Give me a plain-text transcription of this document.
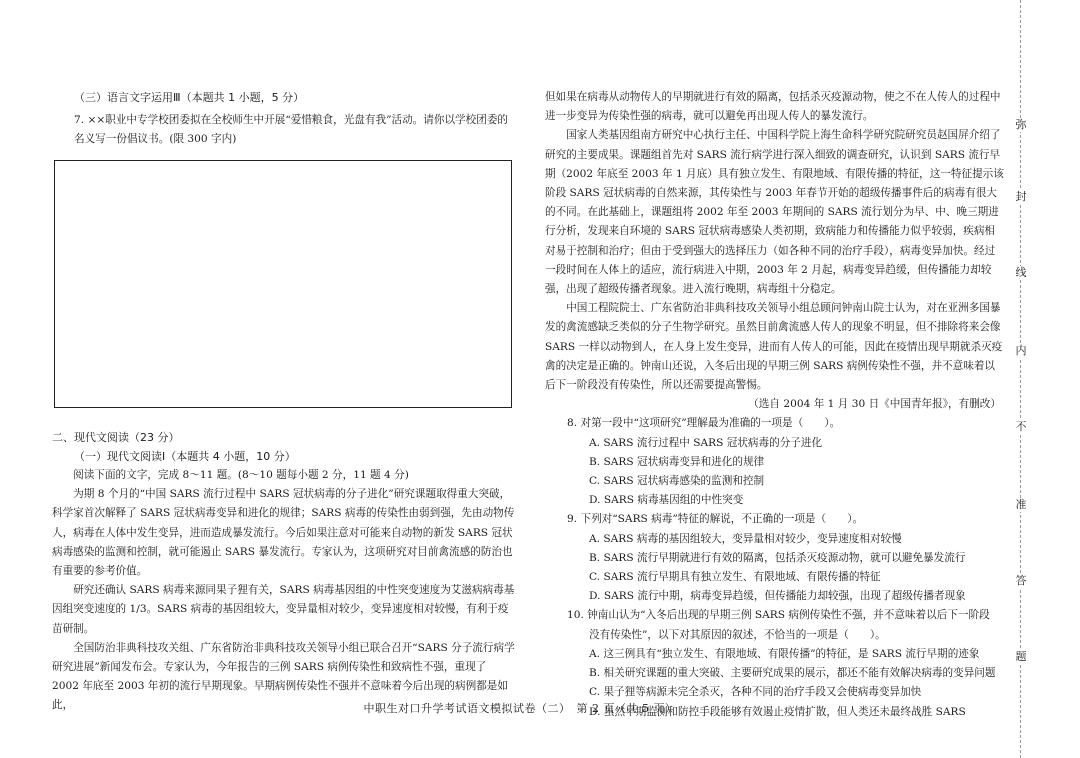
（三）语言文字运用Ⅲ（本题共 1 小题，5 分）

7. ××职业中专学校团委拟在全校师生中开展“爱惜粮食，光盘有我”活动。请你以学校团委的名义写一份倡议书。(限 300 字内)

二、现代文阅读（23 分）

（一）现代文阅读Ⅰ（本题共 4 小题，10 分）

阅读下面的文字，完成 8～11 题。(8～10 题每小题 2 分，11 题 4 分)

为期 8 个月的“中国 SARS 流行过程中 SARS 冠状病毒的分子进化”研究课题取得重大突破，科学家首次解释了 SARS 冠状病毒变异和进化的规律；SARS 病毒的传染性由弱到强，先由动物传人，病毒在人体中发生变异，进而造成暴发流行。今后如果注意对可能来自动物的新发 SARS 冠状病毒感染的监测和控制，就可能遏止 SARS 暴发流行。专家认为，这项研究对目前禽流感的防治也有重要的参考价值。

研究还确认 SARS 病毒来源同果子狸有关，SARS 病毒基因组的中性突变速度为艾滋病病毒基因组突变速度的 1/3。SARS 病毒的基因组较大，变异量相对较少，变异速度相对较慢，有利于疫苗研制。

全国防治非典科技攻关组、广东省防治非典科技攻关领导小组已联合召开“SARS 分子流行病学研究进展”新闻发布会。专家认为，今年报告的三例 SARS 病例传染性和致病性不强，重现了 2002 年底至 2003 年初的流行早期现象。早期病例传染性不强并不意味着今后出现的病例都是如此，

但如果在病毒从动物传人的早期就进行有效的隔离，包括杀灭疫源动物，使之不在人传人的过程中进一步变异为传染性强的病毒，就可以避免再出现人传人的暴发流行。

国家人类基因组南方研究中心执行主任、中国科学院上海生命科学研究院研究员赵国屏介绍了研究的主要成果。课题组首先对 SARS 流行病学进行深入细致的调查研究，认识到 SARS 流行早期（2002 年底至 2003 年 1 月底）具有独立发生、有限地域、有限传播的特征，这一特征提示该阶段 SARS 冠状病毒的自然来源，其传染性与 2003 年春节开始的超级传播事件后的病毒有很大的不同。在此基础上，课题组将 2002 年至 2003 年期间的 SARS 流行划分为早、中、晚三期进行分析，发现来自环境的 SARS 冠状病毒感染人类初期，致病能力和传播能力似乎较弱，疾病相对易于控制和治疗；但由于受到强大的选择压力（如各种不同的治疗手段），病毒变异加快。经过一段时间在人体上的适应，流行病进入中期，2003 年 2 月起，病毒变异趋缓，但传播能力却较强，出现了超级传播者现象。进入流行晚期，病毒组十分稳定。

中国工程院院士、广东省防治非典科技攻关领导小组总顾问钟南山院士认为，对在亚洲多国暴发的禽流感缺乏类似的分子生物学研究。虽然目前禽流感人传人的现象不明显，但不排除将来会像 SARS 一样以动物到人，在人身上发生变异，进而有人传人的可能，因此在疫情出现早期就杀灭疫禽的决定是正确的。钟南山还说，入冬后出现的早期三例 SARS 病例传染性不强，并不意味着以后下一阶段没有传染性，所以还需要提高警惕。

（选自 2004 年 1 月 30 日《中国青年报》，有删改）

8. 对第一段中“这项研究”理解最为准确的一项是（　　）。

A. SARS 流行过程中 SARS 冠状病毒的分子进化

B. SARS 冠状病毒变异和进化的规律

C. SARS 冠状病毒感染的监测和控制

D. SARS 病毒基因组的中性突变

9. 下列对“SARS 病毒”特征的解说，不正确的一项是（　　）。

A. SARS 病毒的基因组较大，变异量相对较少，变异速度相对较慢

B. SARS 流行早期就进行有效的隔离，包括杀灭疫源动物，就可以避免暴发流行

C. SARS 流行早期具有独立发生、有限地域、有限传播的特征

D. SARS 流行中期，病毒变异趋缓，但传播能力却较强，出现了超级传播者现象

10. 钟南山认为“入冬后出现的早期三例 SARS 病例传染性不强，并不意味着以后下一阶段

没有传染性”，以下对其原因的叙述，不恰当的一项是（　　）。

A. 这三例具有“独立发生、有限地域、有限传播”的特征，是 SARS 流行早期的迹象

B. 相关研究课题的重大突破、主要研究成果的展示，都还不能有效解决病毒的变异问题

C. 果子狸等病源未完全杀灭，各种不同的治疗手段又会使病毒变异加快

D. 虽然早期监测和防控手段能够有效遏止疫情扩散，但人类还未最终战胜 SARS

中职生对口升学考试语文模拟试卷（二）　第 2 页（共 5 页）
弥
封
线
内
不
准
答
题
